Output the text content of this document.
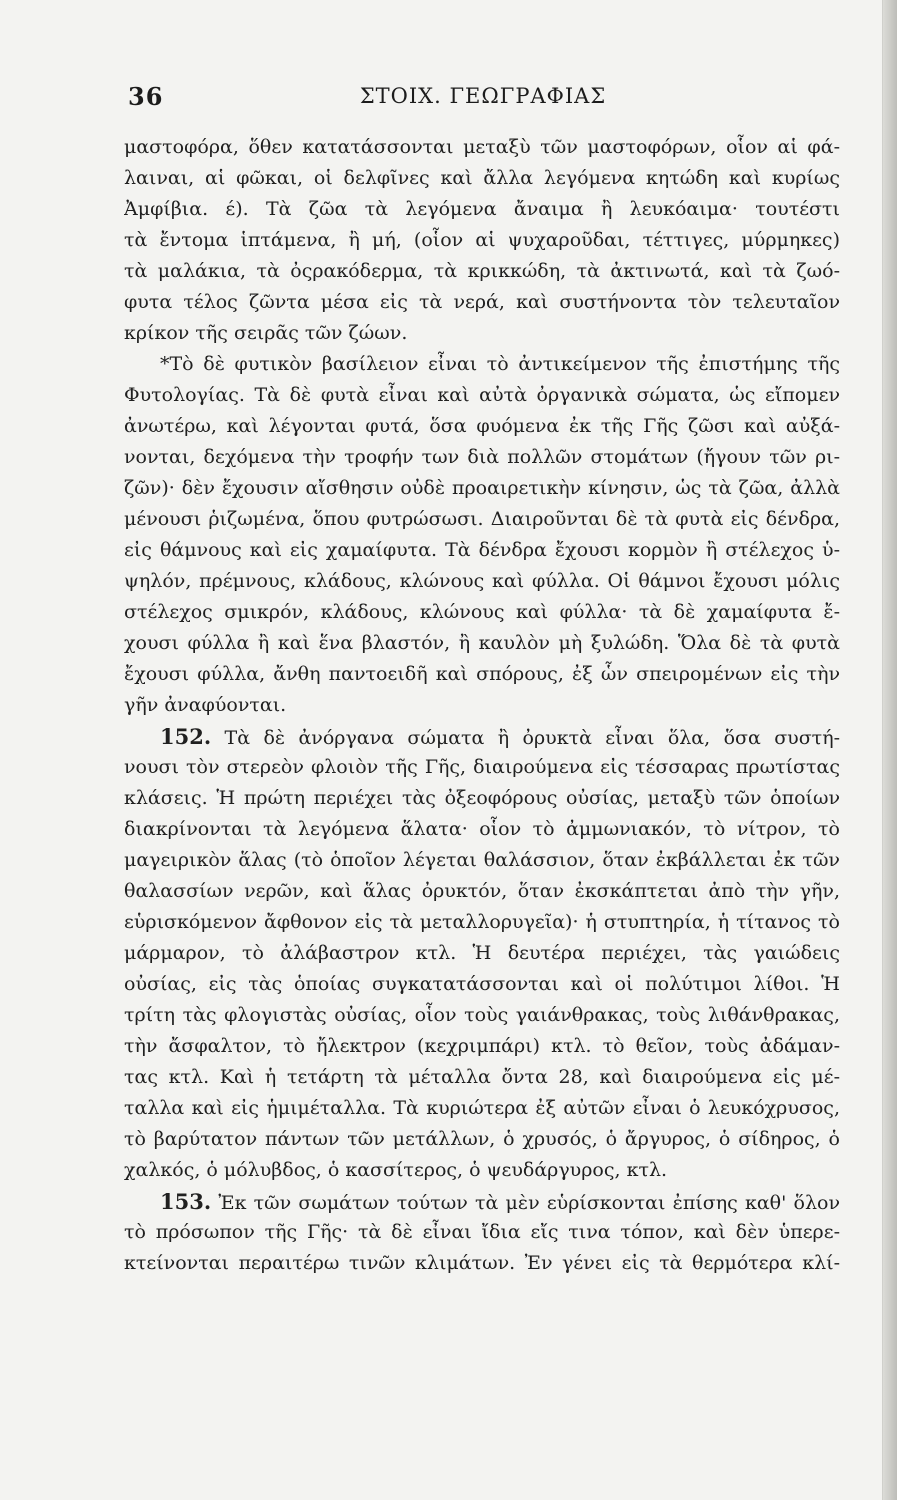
36	ΣΤΟΙΧ. ΓΕΩΓΡΑΦΙΑΣ
μαστοφόρα, ὅθεν κατατάσσονται μεταξὺ τῶν μαστοφόρων, οἷον αἱ φά-
λαιναι, αἱ φῶκαι, οἱ δελφῖνες καὶ ἄλλα λεγόμενα κητώδη καὶ κυρίως
Ἀμφίβια. έ). Τὰ ζῶα τὰ λεγόμενα ἄναιμα ἢ λευκόαιμα· τουτέστι
τὰ ἔντομα ἱπτάμενα, ἢ μή, (οἷον αἱ ψυχαροῦδαι, τέττιγες, μύρμηκες)
τὰ μαλάκια, τὰ ὀςρακόδερμα, τὰ κρικκώδη, τὰ ἀκτινωτά, καὶ τὰ ζωό-
φυτα τέλος ζῶντα μέσα εἰς τὰ νερά, καὶ συστήνοντα τὸν τελευταῖον
κρίκον τῆς σειρᾶς τῶν ζώων.
*Τὸ δὲ φυτικὸν βασίλειον εἶναι τὸ ἀντικείμενον τῆς ἐπιστήμης τῆς
Φυτολογίας. Τὰ δὲ φυτὰ εἶναι καὶ αὐτὰ ὀργανικὰ σώματα, ὡς εἴπομεν
ἀνωτέρω, καὶ λέγονται φυτά, ὅσα φυόμενα ἐκ τῆς Γῆς ζῶσι καὶ αὐξά-
νονται, δεχόμενα τὴν τροφήν των διὰ πολλῶν στομάτων (ἤγουν τῶν ρι-
ζῶν)· δὲν ἔχουσιν αἴσθησιν οὐδὲ προαιρετικὴν κίνησιν, ὡς τὰ ζῶα, ἀλλὰ
μένουσι ῥιζωμένα, ὅπου φυτρώσωσι. Διαιροῦνται δὲ τὰ φυτὰ εἰς δένδρα,
εἰς θάμνους καὶ εἰς χαμαίφυτα. Τὰ δένδρα ἔχουσι κορμὸν ἢ στέλεχος ὑ-
ψηλόν, πρέμνους, κλάδους, κλώνους καὶ φύλλα. Οἱ θάμνοι ἔχουσι μόλις
στέλεχος σμικρόν, κλάδους, κλώνους καὶ φύλλα· τὰ δὲ χαμαίφυτα ἔ-
χουσι φύλλα ἢ καὶ ἕνα βλαστόν, ἢ καυλὸν μὴ ξυλώδη. Ὅλα δὲ τὰ φυτὰ
ἔχουσι φύλλα, ἄνθη παντοειδῆ καὶ σπόρους, ἐξ ὧν σπειρομένων εἰς τὴν
γῆν ἀναφύονται.
152. Τὰ δὲ ἀνόργανα σώματα ἢ ὀρυκτὰ εἶναι ὅλα, ὅσα συστή-
νουσι τὸν στερεὸν φλοιὸν τῆς Γῆς, διαιρούμενα εἰς τέσσαρας πρωτίστας
κλάσεις. Ἡ πρώτη περιέχει τὰς ὀξεοφόρους οὐσίας, μεταξὺ τῶν ὁποίων
διακρίνονται τὰ λεγόμενα ἅλατα· οἷον τὸ ἀμμωνιακόν, τὸ νίτρον, τὸ
μαγειρικὸν ἅλας (τὸ ὁποῖον λέγεται θαλάσσιον, ὅταν ἐκβάλλεται ἐκ τῶν
θαλασσίων νερῶν, καὶ ἅλας ὀρυκτόν, ὅταν ἐκσκάπτεται ἀπὸ τὴν γῆν,
εὑρισκόμενον ἄφθονον εἰς τὰ μεταλλορυγεῖα)· ἡ στυπτηρία, ἡ τίτανος τὸ
μάρμαρον, τὸ ἀλάβαστρον κτλ. Ἡ δευτέρα περιέχει, τὰς γαιώδεις
οὐσίας, εἰς τὰς ὁποίας συγκατατάσσονται καὶ οἱ πολύτιμοι λίθοι. Ἡ
τρίτη τὰς φλογιστὰς οὐσίας, οἷον τοὺς γαιάνθρακας, τοὺς λιθάνθρακας,
τὴν ἄσφαλτον, τὸ ἤλεκτρον (κεχριμπάρι) κτλ. τὸ θεῖον, τοὺς ἀδάμαν-
τας κτλ. Καὶ ἡ τετάρτη τὰ μέταλλα ὄντα 28, καὶ διαιρούμενα εἰς μέ-
ταλλα καὶ εἰς ἡμιμέταλλα. Τὰ κυριώτερα ἐξ αὐτῶν εἶναι ὁ λευκόχρυσος,
τὸ βαρύτατον πάντων τῶν μετάλλων, ὁ χρυσός, ὁ ἄργυρος, ὁ σίδηρος, ὁ
χαλκός, ὁ μόλυβδος, ὁ κασσίτερος, ὁ ψευδάργυρος, κτλ.
153. Ἐκ τῶν σωμάτων τούτων τὰ μὲν εὑρίσκονται ἐπίσης καθ' ὅλον
τὸ πρόσωπον τῆς Γῆς· τὰ δὲ εἶναι ἴδια εἴς τινα τόπον, καὶ δὲν ὑπερε-
κτείνονται περαιτέρω τινῶν κλιμάτων. Ἐν γένει εἰς τὰ θερμότερα κλί-
